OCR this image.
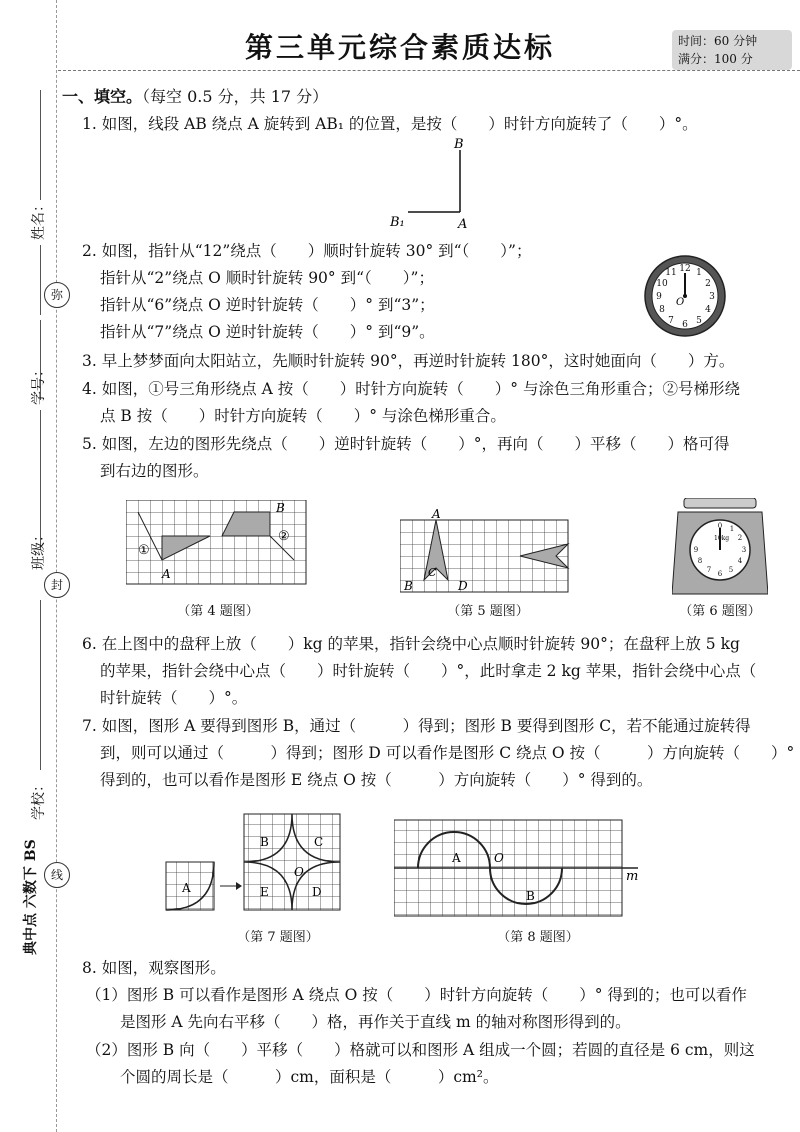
第三单元综合素质达标	时间：60 分钟
满分：100 分
姓名：
弥
学号：
班级：
封
学校：
线
典中点 六数下 BS
一、填空。（每空 0.5 分，共 17 分）
1. 如图，线段 AB 绕点 A 旋转到 AB₁ 的位置，是按（　　）时针方向旋转了（　　）°。
B
B₁	A
2. 如图，指针从“12”绕点（　　）顺时针旋转 30° 到“（　　）”；
指针从“2”绕点 O 顺时针旋转 90° 到“（　　）”；
指针从“6”绕点 O 逆时针旋转（　　）° 到“3”；
指针从“7”绕点 O 逆时针旋转（　　）° 到“9”。
12 1
2
3
4
5
6
7
8
9
10
11
O
3. 早上梦梦面向太阳站立，先顺时针旋转 90°，再逆时针旋转 180°，这时她面向（　　）方。
4. 如图，①号三角形绕点 A 按（　　）时针方向旋转（　　）° 与涂色三角形重合；②号梯形绕
点 B 按（　　）时针方向旋转（　　）° 与涂色梯形重合。
5. 如图，左边的图形先绕点（　　）逆时针旋转（　　）°，再向（　　）平移（　　）格可得
到右边的图形。
B
A
①
②
（第 4 题图）
A
B
C
D
（第 5 题图）
0 1
2
3
4
5
6
7
8
9
10kg
（第 6 题图）
6. 在上图中的盘秤上放（　　）kg 的苹果，指针会绕中心点顺时针旋转 90°；在盘秤上放 5 kg
的苹果，指针会绕中心点（　　）时针旋转（　　）°，此时拿走 2 kg 苹果，指针会绕中心点（　
时针旋转（　　）°。
7. 如图，图形 A 要得到图形 B，通过（　　　）得到；图形 B 要得到图形 C，若不能通过旋转得
到，则可以通过（　　　）得到；图形 D 可以看作是图形 C 绕点 O 按（　　　）方向旋转（　　）°
得到的，也可以看作是图形 E 绕点 O 按（　　　）方向旋转（　　）° 得到的。
A
B	C
E	D
O
（第 7 题图）
A
B
O
m
（第 8 题图）
8. 如图，观察图形。
（1）图形 B 可以看作是图形 A 绕点 O 按（　　）时针方向旋转（　　）° 得到的；也可以看作
是图形 A 先向右平移（　　）格，再作关于直线 m 的轴对称图形得到的。
（2）图形 B 向（　　）平移（　　）格就可以和图形 A 组成一个圆；若圆的直径是 6 cm，则这
个圆的周长是（　　　）cm，面积是（　　　）cm²。
